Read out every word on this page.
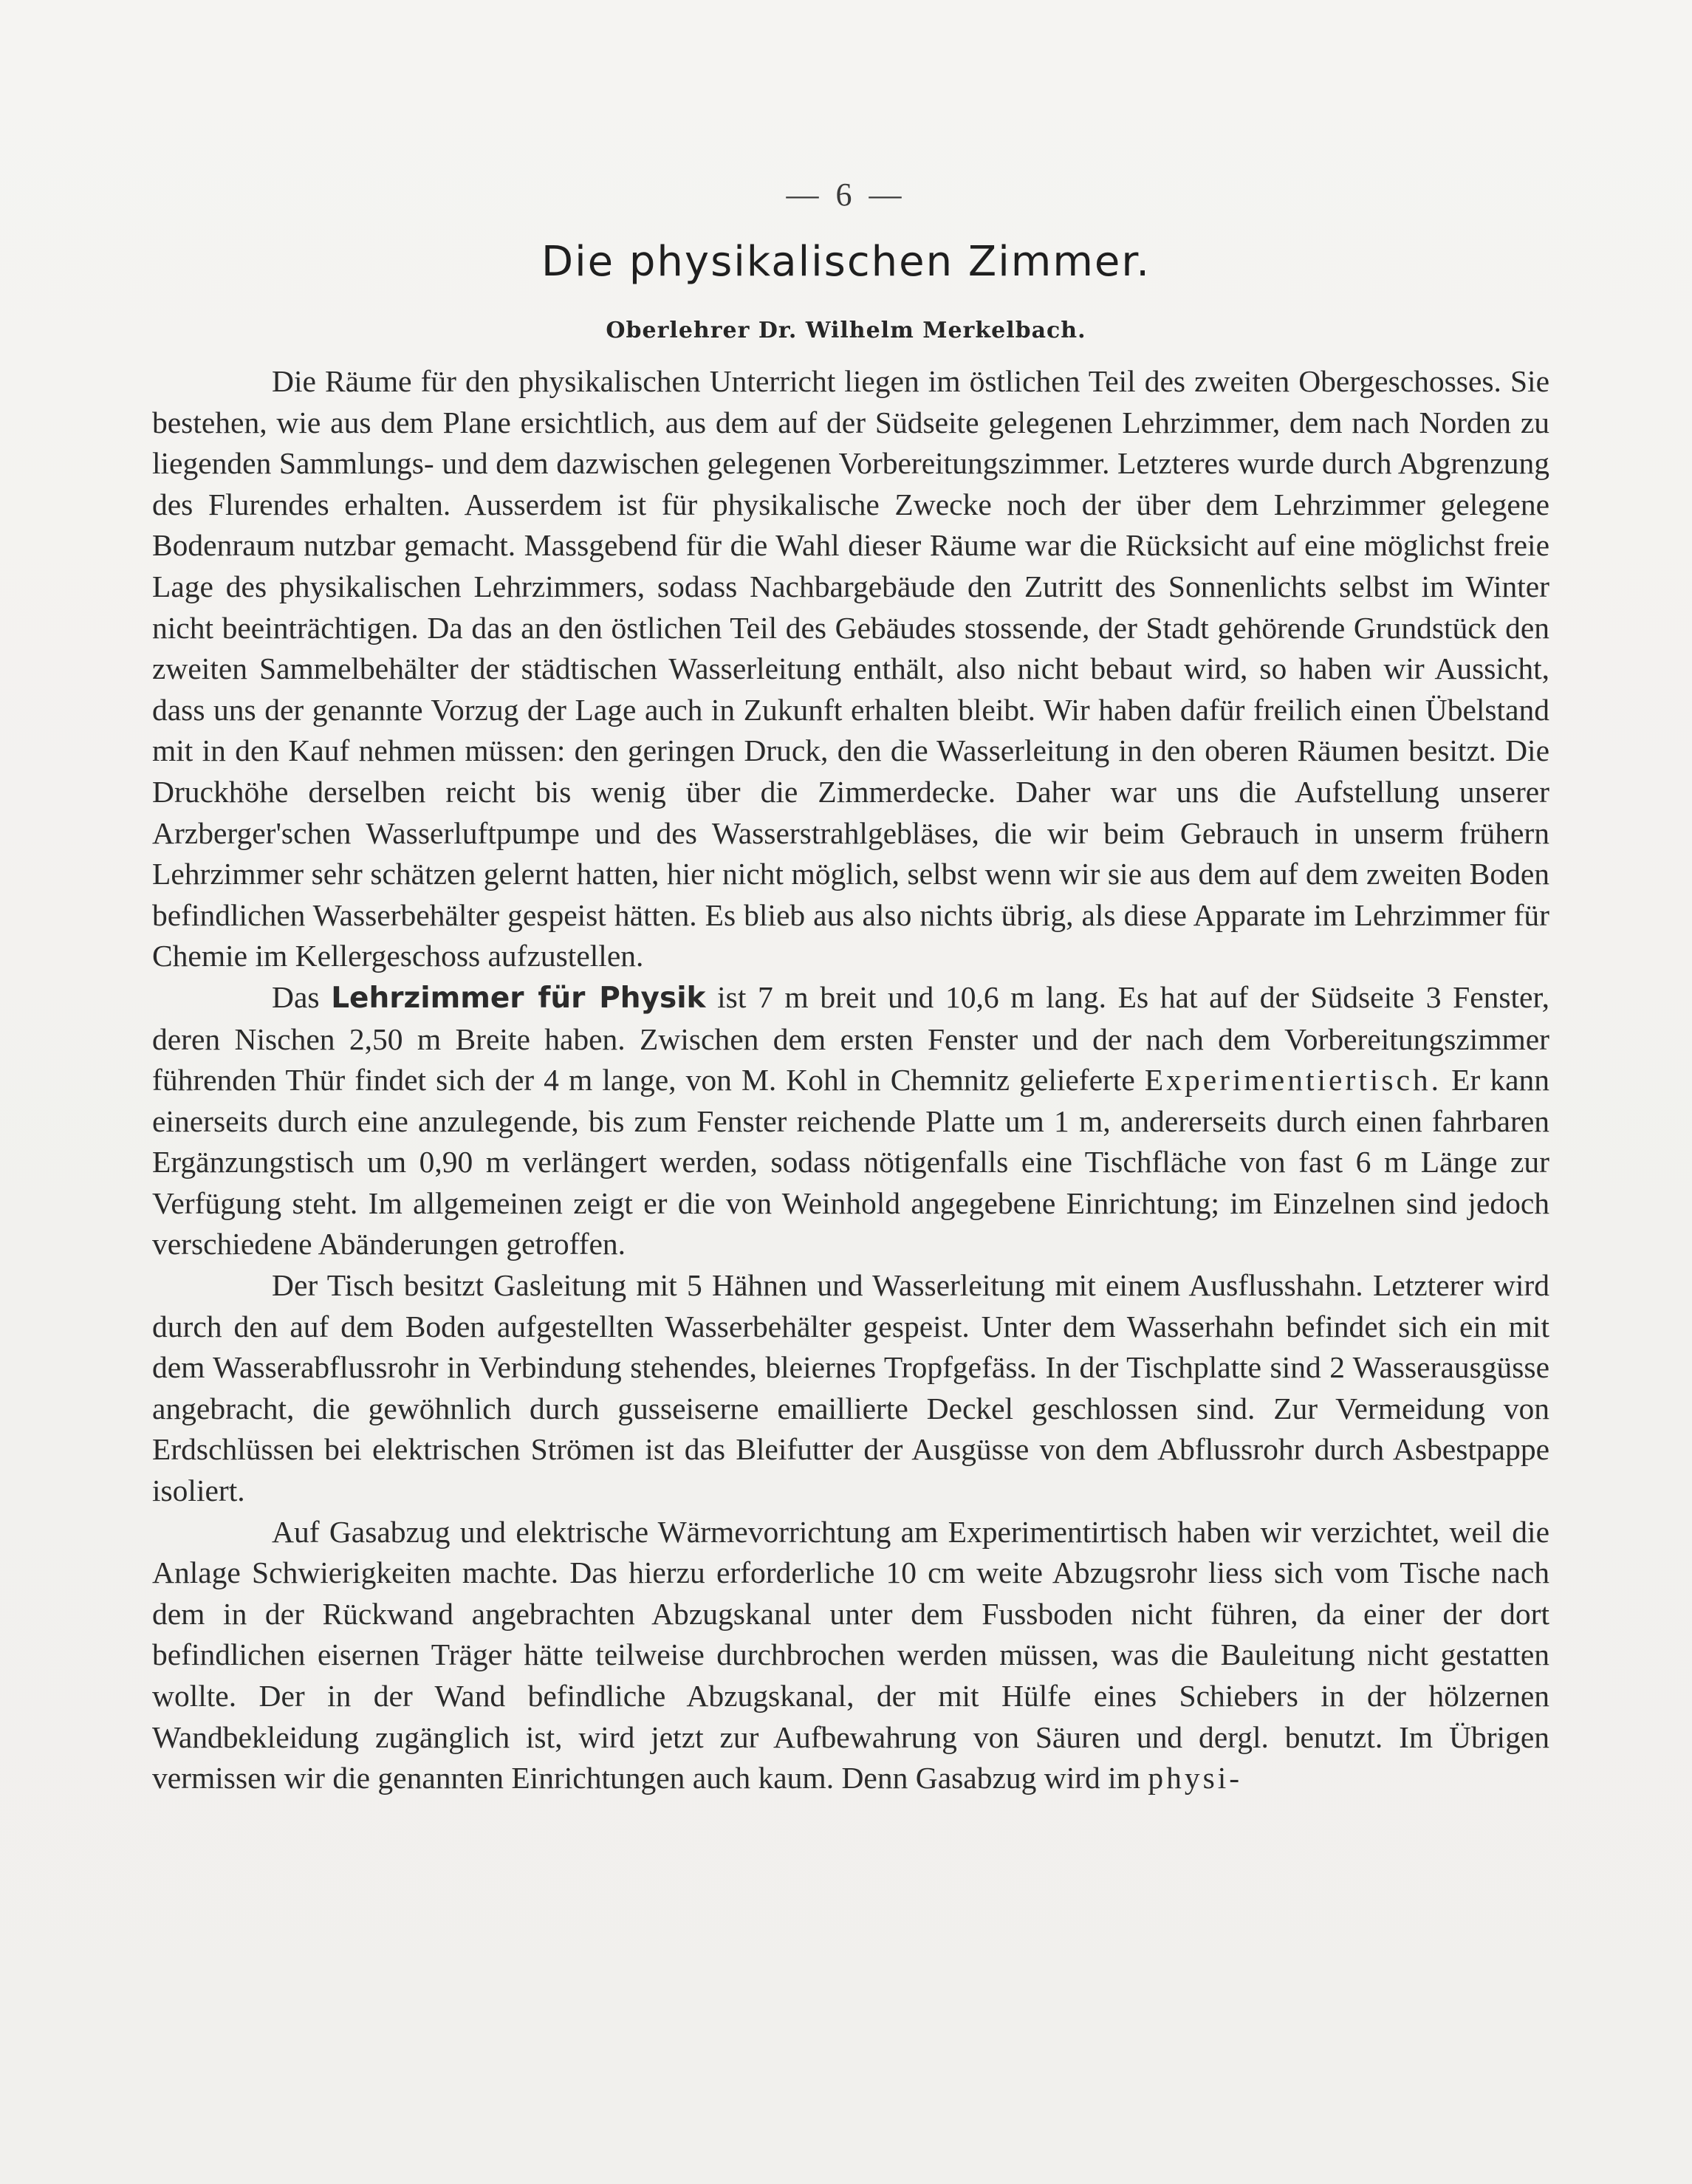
— 6 —
Die physikalischen Zimmer.
Oberlehrer Dr. Wilhelm Merkelbach.

Die Räume für den physikalischen Unterricht liegen im östlichen Teil des zweiten Obergeschosses. Sie bestehen, wie aus dem Plane ersichtlich, aus dem auf der Südseite gelegenen Lehrzimmer, dem nach Norden zu liegenden Sammlungs- und dem dazwischen gelegenen Vorbereitungszimmer. Letzteres wurde durch Abgrenzung des Flurendes erhalten. Ausserdem ist für physikalische Zwecke noch der über dem Lehrzimmer gelegene Bodenraum nutzbar gemacht. Massgebend für die Wahl dieser Räume war die Rücksicht auf eine möglichst freie Lage des physikalischen Lehrzimmers, sodass Nachbargebäude den Zutritt des Sonnenlichts selbst im Winter nicht beeinträchtigen. Da das an den östlichen Teil des Gebäudes stossende, der Stadt gehörende Grundstück den zweiten Sammelbehälter der städtischen Wasserleitung enthält, also nicht bebaut wird, so haben wir Aussicht, dass uns der genannte Vorzug der Lage auch in Zukunft erhalten bleibt. Wir haben dafür freilich einen Übelstand mit in den Kauf nehmen müssen: den geringen Druck, den die Wasserleitung in den oberen Räumen besitzt. Die Druckhöhe derselben reicht bis wenig über die Zimmerdecke. Daher war uns die Aufstellung unserer Arzberger'schen Wasserluftpumpe und des Wasserstrahlgebläses, die wir beim Gebrauch in unserm frühern Lehrzimmer sehr schätzen gelernt hatten, hier nicht möglich, selbst wenn wir sie aus dem auf dem zweiten Boden befindlichen Wasserbehälter gespeist hätten. Es blieb aus also nichts übrig, als diese Apparate im Lehrzimmer für Chemie im Kellergeschoss aufzustellen.

Das Lehrzimmer für Physik ist 7 m breit und 10,6 m lang. Es hat auf der Südseite 3 Fenster, deren Nischen 2,50 m Breite haben. Zwischen dem ersten Fenster und der nach dem Vorbereitungszimmer führenden Thür findet sich der 4 m lange, von M. Kohl in Chemnitz gelieferte Experimentiertisch. Er kann einerseits durch eine anzulegende, bis zum Fenster reichende Platte um 1 m, andererseits durch einen fahrbaren Ergänzungstisch um 0,90 m verlängert werden, sodass nötigenfalls eine Tischfläche von fast 6 m Länge zur Verfügung steht. Im allgemeinen zeigt er die von Weinhold angegebene Einrichtung; im Einzelnen sind jedoch verschiedene Abänderungen getroffen.

Der Tisch besitzt Gasleitung mit 5 Hähnen und Wasserleitung mit einem Ausflusshahn. Letzterer wird durch den auf dem Boden aufgestellten Wasserbehälter gespeist. Unter dem Wasserhahn befindet sich ein mit dem Wasserabflussrohr in Verbindung stehendes, bleiernes Tropfgefäss. In der Tischplatte sind 2 Wasserausgüsse angebracht, die gewöhnlich durch gusseiserne emaillierte Deckel geschlossen sind. Zur Vermeidung von Erdschlüssen bei elektrischen Strömen ist das Bleifutter der Ausgüsse von dem Abflussrohr durch Asbestpappe isoliert.

Auf Gasabzug und elektrische Wärmevorrichtung am Experimentirtisch haben wir verzichtet, weil die Anlage Schwierigkeiten machte. Das hierzu erforderliche 10 cm weite Abzugsrohr liess sich vom Tische nach dem in der Rückwand angebrachten Abzugskanal unter dem Fussboden nicht führen, da einer der dort befindlichen eisernen Träger hätte teilweise durchbrochen werden müssen, was die Bauleitung nicht gestatten wollte. Der in der Wand befindliche Abzugskanal, der mit Hülfe eines Schiebers in der hölzernen Wandbekleidung zugänglich ist, wird jetzt zur Aufbewahrung von Säuren und dergl. benutzt. Im Übrigen vermissen wir die genannten Einrichtungen auch kaum. Denn Gasabzug wird im physi-
